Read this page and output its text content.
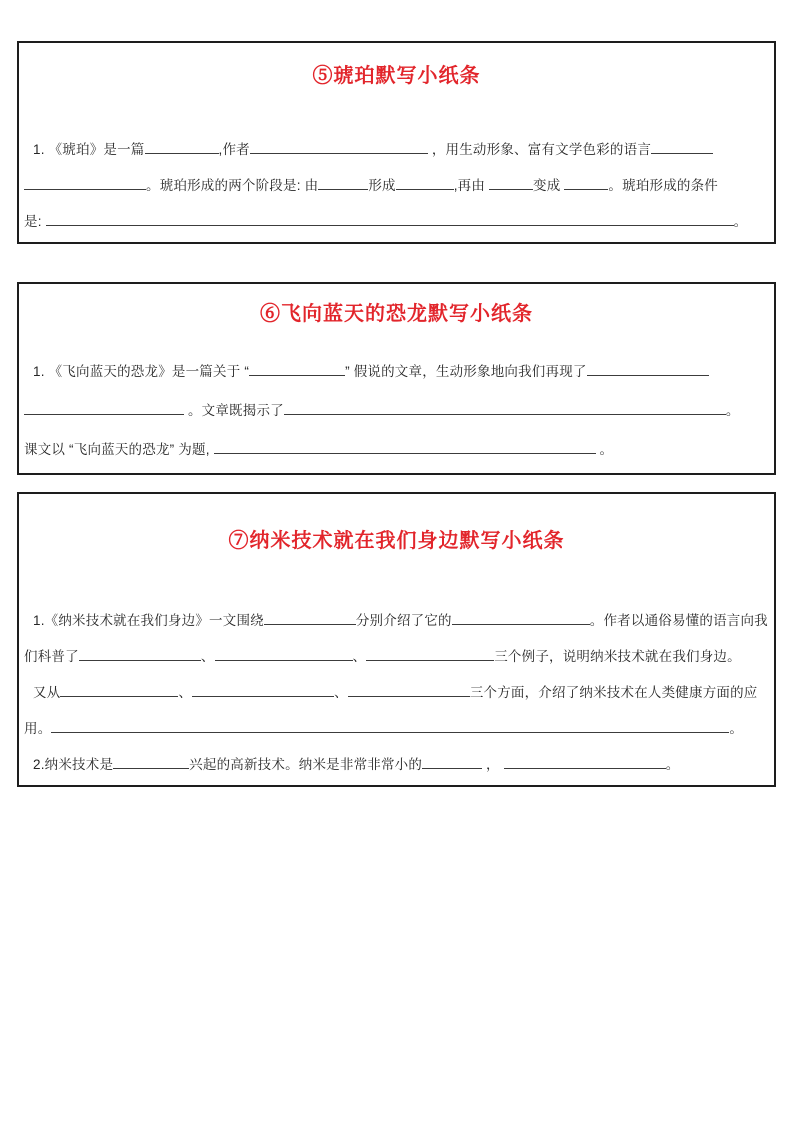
⑤琥珀默写小纸条

1. 《琥珀》是一篇	,作者	，用生动形象、富有文学色彩的语言

。琥珀形成的两个阶段是: 由	形成	,再由	变成	。琥珀形成的条件

是:	。

⑥飞向蓝天的恐龙默写小纸条

1. 《飞向蓝天的恐龙》是一篇关于 “	” 假说的文章，生动形象地向我们再现了

。文章既揭示了	。

课文以 “飞向蓝天的恐龙” 为题,	。

⑦纳米技术就在我们身边默写小纸条

1.《纳米技术就在我们身边》一文围绕	分别介绍了它的	。作者以通俗易懂的语言向我

们科普了	、	、	三个例子，说明纳米技术就在我们身边。

又从	、	、	三个方面，介绍了纳米技术在人类健康方面的应

用。	。

2.纳米技术是	兴起的高新技术。纳米是非常非常小的	，	。
